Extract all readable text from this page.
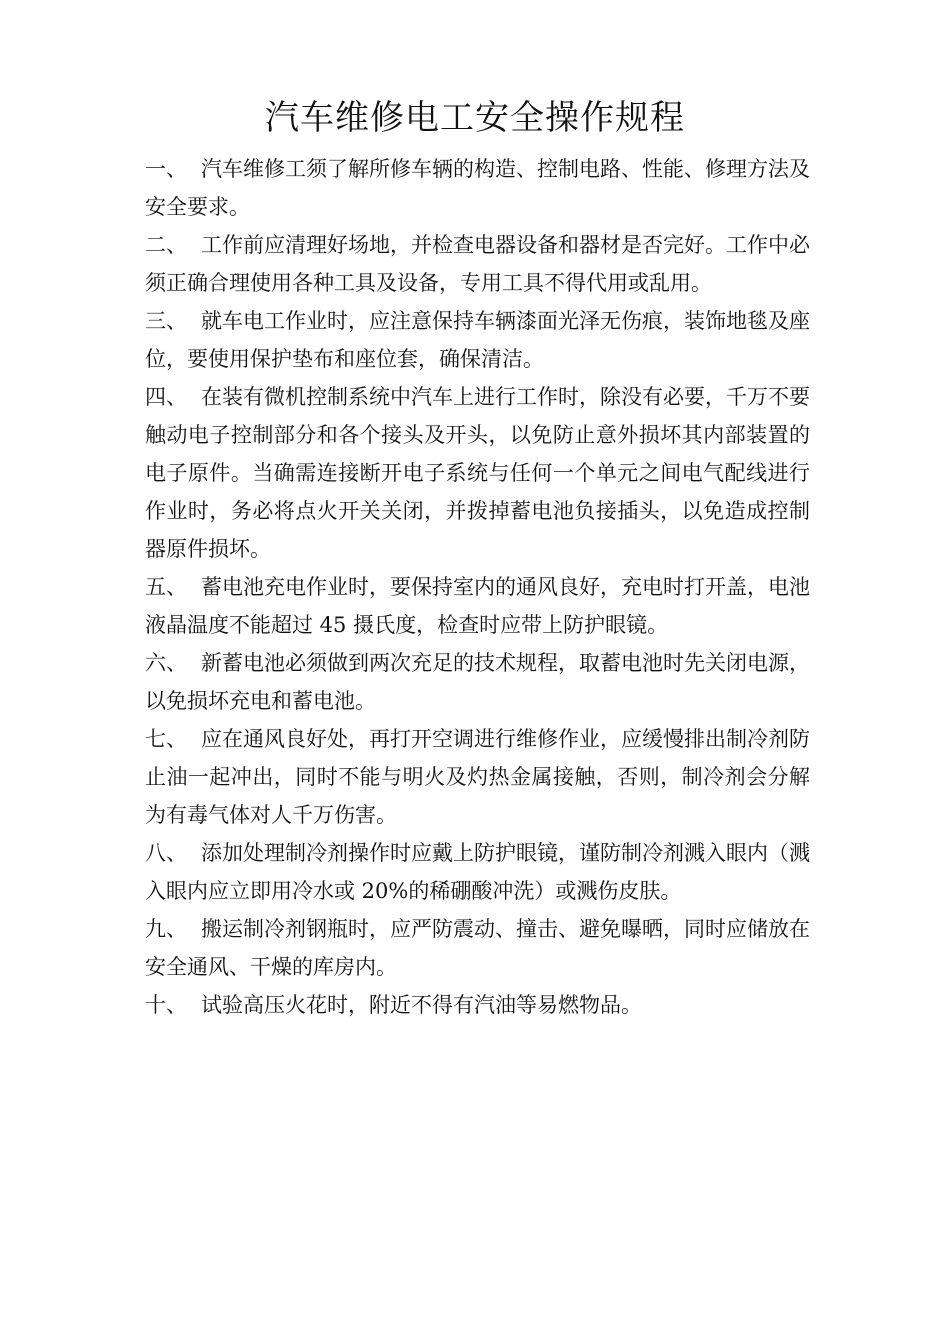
汽车维修电工安全操作规程

一、 汽车维修工须了解所修车辆的构造、控制电路、性能、修理方法及安全要求。

二、 工作前应清理好场地，并检查电器设备和器材是否完好。工作中必须正确合理使用各种工具及设备，专用工具不得代用或乱用。

三、 就车电工作业时，应注意保持车辆漆面光泽无伤痕，装饰地毯及座位，要使用保护垫布和座位套，确保清洁。

四、 在装有微机控制系统中汽车上进行工作时，除没有必要，千万不要触动电子控制部分和各个接头及开头，以免防止意外损坏其内部装置的电子原件。当确需连接断开电子系统与任何一个单元之间电气配线进行作业时，务必将点火开关关闭，并拨掉蓄电池负接插头，以免造成控制器原件损坏。

五、 蓄电池充电作业时，要保持室内的通风良好，充电时打开盖，电池液晶温度不能超过 45 摄氏度，检查时应带上防护眼镜。

六、 新蓄电池必须做到两次充足的技术规程，取蓄电池时先关闭电源，以免损坏充电和蓄电池。

七、 应在通风良好处，再打开空调进行维修作业，应缓慢排出制冷剂防止油一起冲出，同时不能与明火及灼热金属接触，否则，制冷剂会分解为有毒气体对人千万伤害。

八、 添加处理制冷剂操作时应戴上防护眼镜，谨防制冷剂溅入眼内（溅入眼内应立即用冷水或 20%的稀硼酸冲洗）或溅伤皮肤。

九、 搬运制冷剂钢瓶时，应严防震动、撞击、避免曝晒，同时应储放在安全通风、干燥的库房内。

十、 试验高压火花时，附近不得有汽油等易燃物品。
